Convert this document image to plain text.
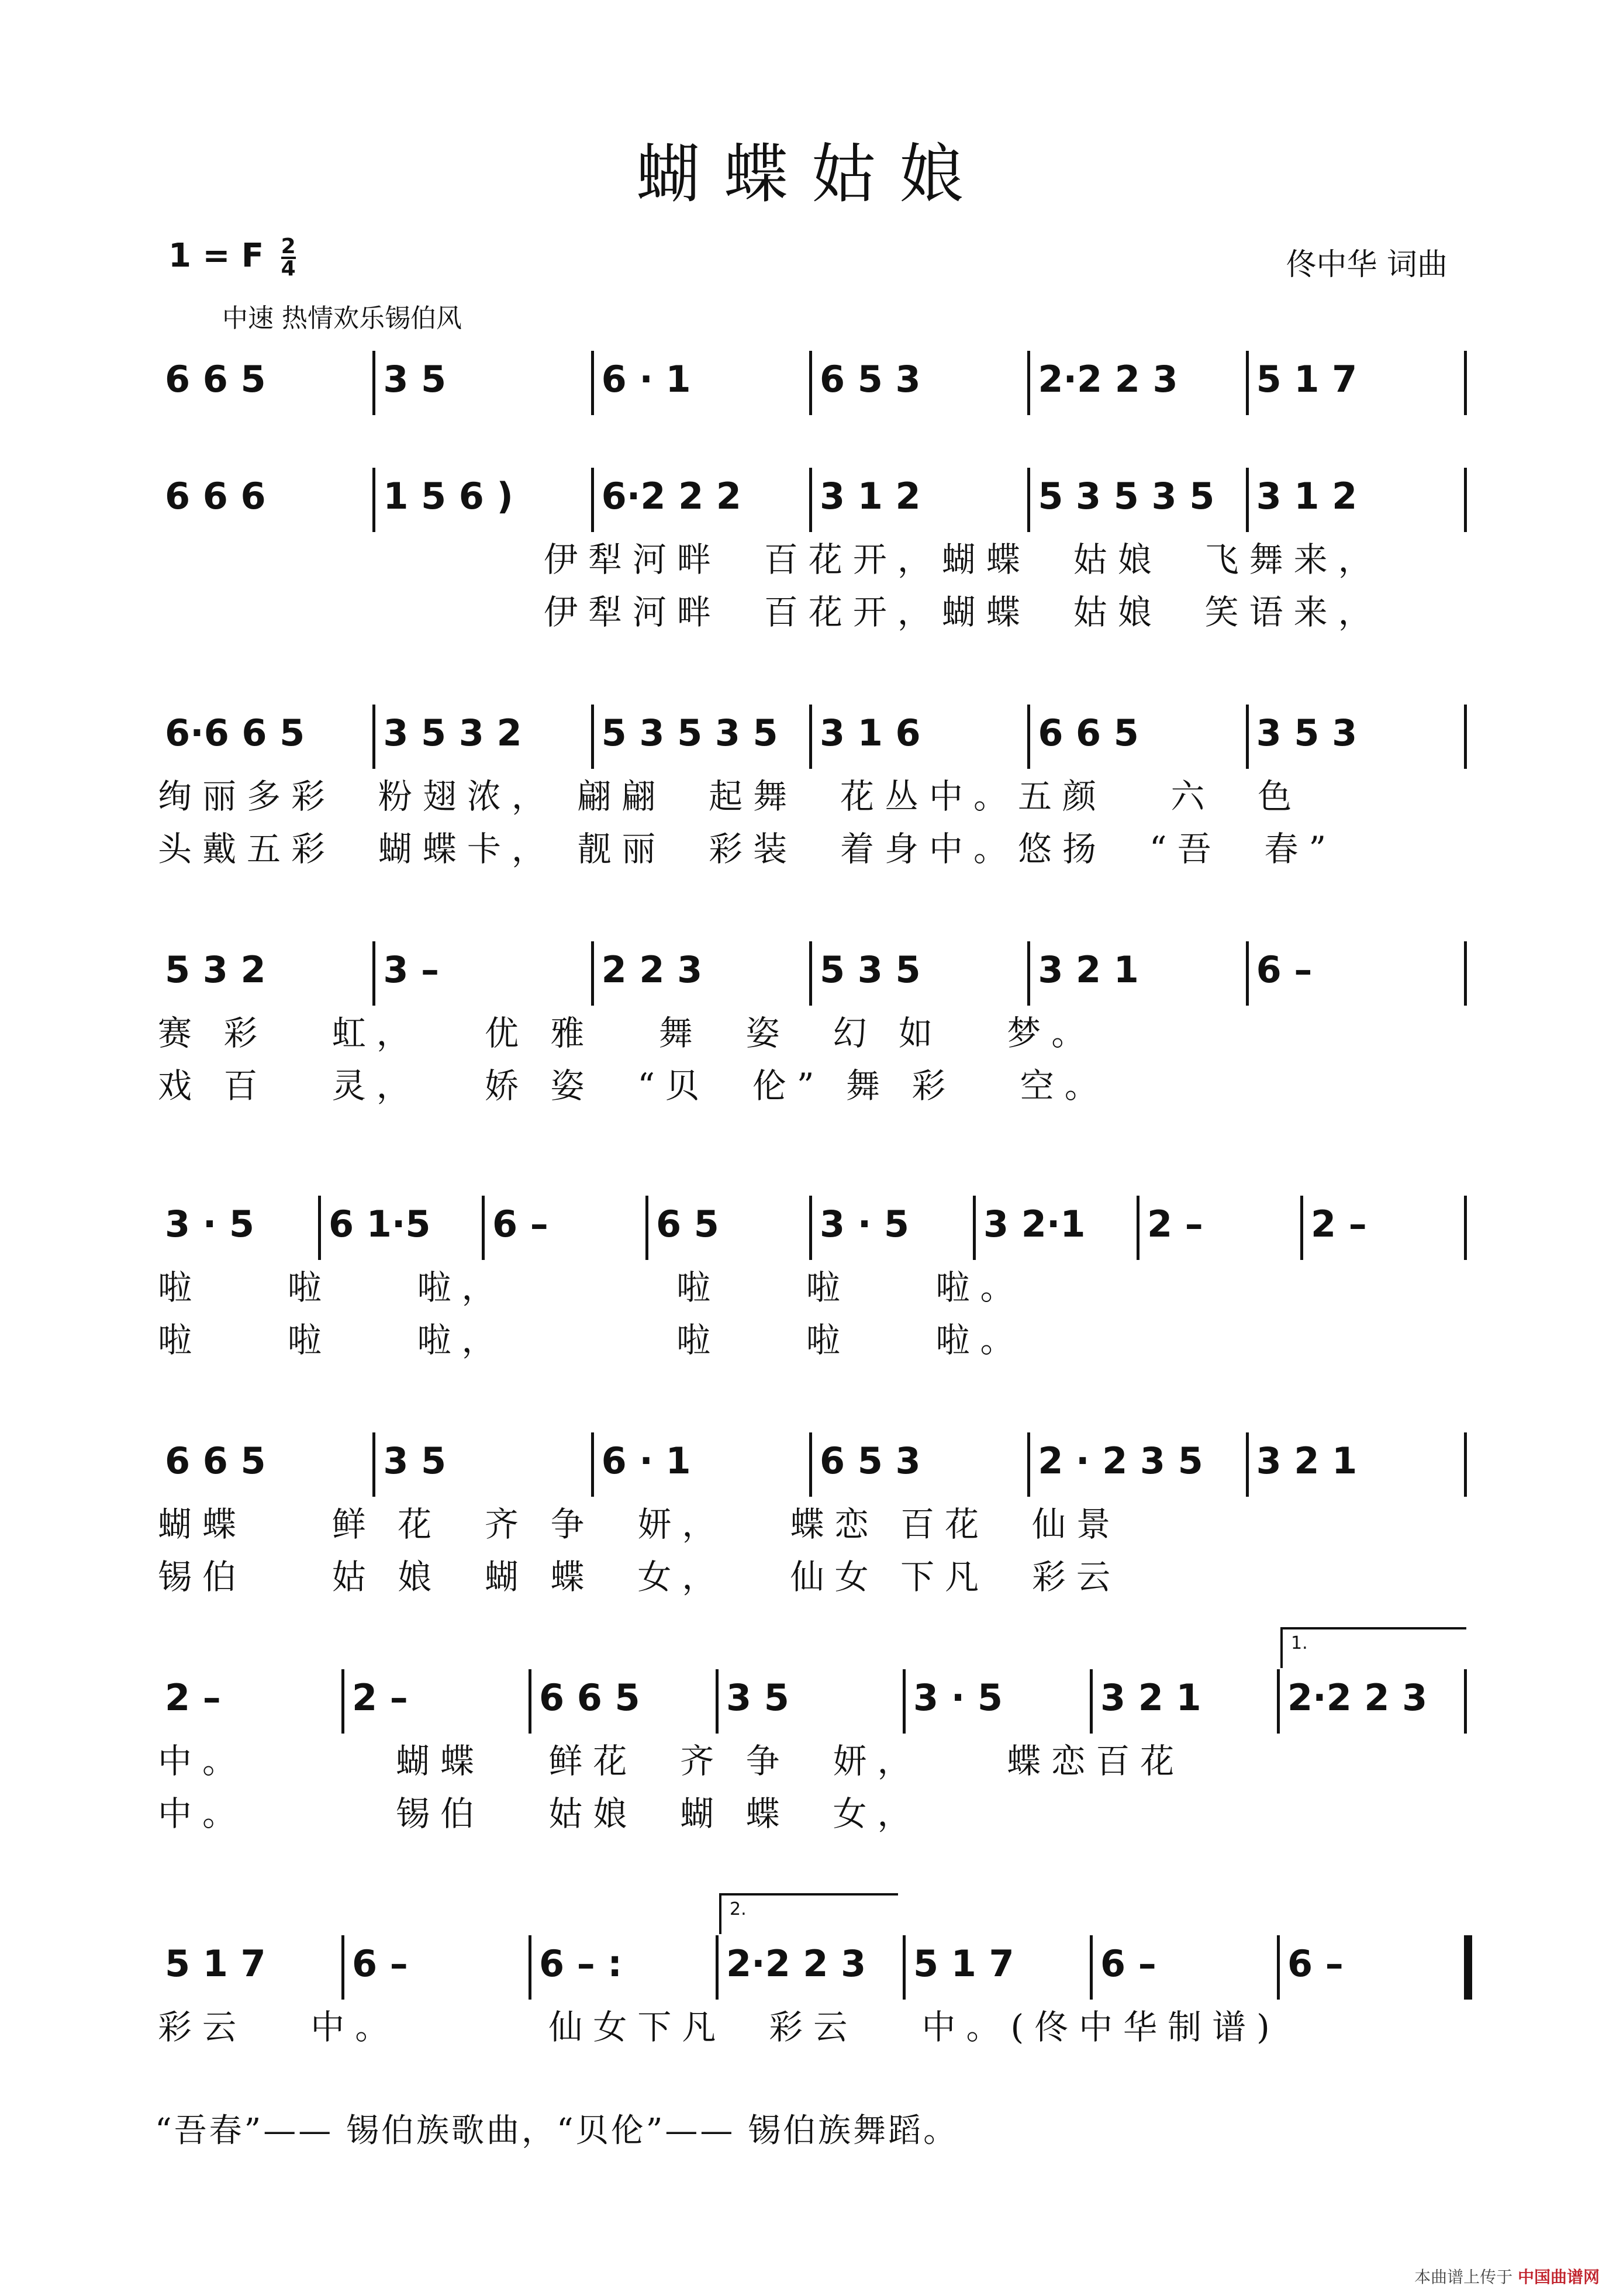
蝴蝶姑娘
1 = F $\frac{2}{4}$	佟中华 词曲
中速 热情欢乐锡伯风
6 6 5	3 5	6 · 1	6 5 3	2·2 2 3 5 1 7
6 6 6	1 5 6 ) 6·2 2 2 3 1 2	5 3 5 3 5 3 1 2
伊犁河畔  百花开，蝴蝶  姑娘  飞舞来，
伊犁河畔  百花开，蝴蝶  姑娘  笑语来，
6·6 6 5 3 5 3 2 5 3 5 3 5 3 1 6	6 6 5	3 5 3
绚丽多彩  粉翅浓， 翩翩  起舞  花丛中。五颜   六  色
头戴五彩  蝴蝶卡， 靓丽  彩装  着身中。悠扬  “吾  春”
5 3 2	3 –	2 2 3	5 3 5	3 2 1	6 –
赛 彩   虹，   优 雅   舞  姿  幻 如   梦。
戏 百   灵，   娇 姿  “贝  伦” 舞 彩   空。
3 · 5 6 1·5 6 –	6 5	3 · 5 3 2·1 2 –	2 –
啦    啦    啦，        啦    啦    啦。
啦    啦    啦，        啦    啦    啦。
6 6 5	3 5	6 · 1	6 5 3	2 · 2 3 5 3 2 1
蝴蝶    鲜 花  齐 争  妍，   蝶恋 百花  仙景
锡伯    姑 娘  蝴 蝶  女，   仙女 下凡  彩云
2 –	2 –	6 6 5 3 5	3 · 5	3 2 1 2·2 2 3
1.
中。       蝴蝶   鲜花  齐 争  妍，    蝶恋百花
中。       锡伯   姑娘  蝴 蝶  女，
5 1 7 6 –	6 – :	2·2 2 3 5 1 7 6 –	6 –
2.
彩云   中。       仙女下凡  彩云   中。(佟中华制谱)
“吾春”—— 锡伯族歌曲，“贝伦”—— 锡伯族舞蹈。
本曲谱上传于 中国曲谱网
